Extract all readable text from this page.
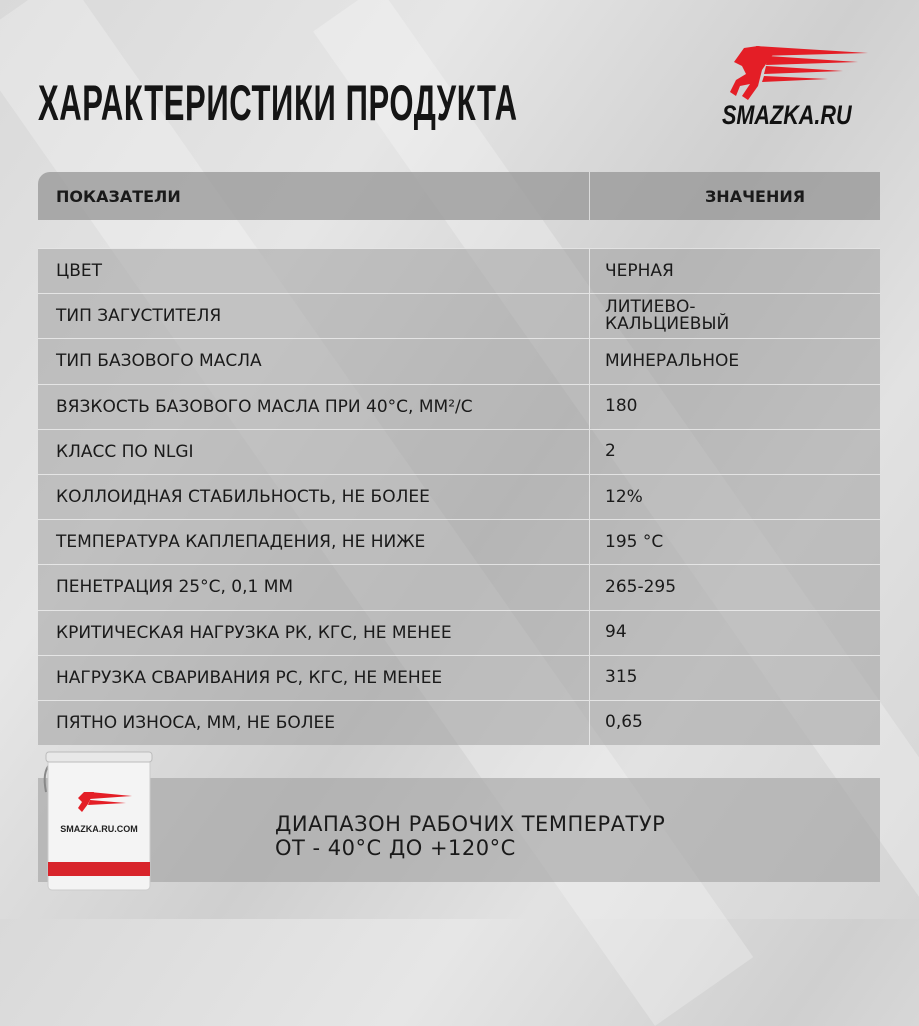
ХАРАКТЕРИСТИКИ ПРОДУКТА	SMAZKA.RU
ПОКАЗАТЕЛИ	ЗНАЧЕНИЯ
ЦВЕТ	ЧЕРНАЯ
ТИП ЗАГУСТИТЕЛЯ	ЛИТИЕВО-КАЛЬЦИЕВЫЙ
ТИП БАЗОВОГО МАСЛА	МИНЕРАЛЬНОЕ
ВЯЗКОСТЬ БАЗОВОГО МАСЛА ПРИ 40°С, ММ²/С	180
КЛАСС ПО NLGI	2
КОЛЛОИДНАЯ СТАБИЛЬНОСТЬ, НЕ БОЛЕЕ	12%
ТЕМПЕРАТУРА КАПЛЕПАДЕНИЯ, НЕ НИЖЕ	195 °С
ПЕНЕТРАЦИЯ 25°С, 0,1 ММ	265-295
КРИТИЧЕСКАЯ НАГРУЗКА РК, КГС, НЕ МЕНЕЕ	94
НАГРУЗКА СВАРИВАНИЯ РС, КГС, НЕ МЕНЕЕ	315
ПЯТНО ИЗНОСА, ММ, НЕ БОЛЕЕ	0,65
ДИАПАЗОН РАБОЧИХ ТЕМПЕРАТУР
ОТ - 40°С ДО +120°С
SMAZKA.RU.COM
